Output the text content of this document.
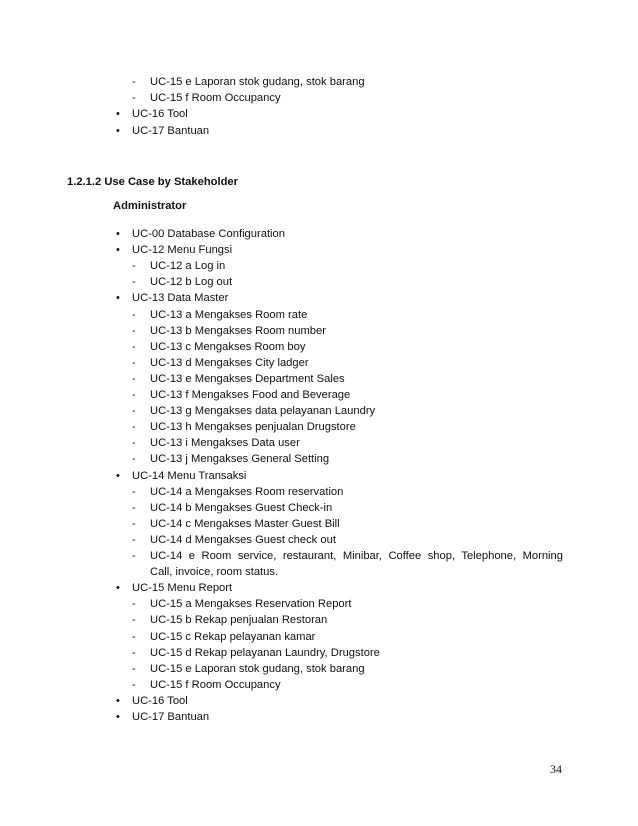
- UC-15 e Laporan stok gudang, stok barang
- UC-15 f Room Occupancy
• UC-16 Tool
• UC-17 Bantuan
1.2.1.2 Use Case by Stakeholder
Administrator
• UC-00 Database Configuration
• UC-12 Menu Fungsi
- UC-12 a Log in
- UC-12 b Log out
• UC-13 Data Master
- UC-13 a Mengakses Room rate
- UC-13 b Mengakses Room number
- UC-13 c Mengakses Room boy
- UC-13 d Mengakses City ladger
- UC-13 e Mengakses Department Sales
- UC-13 f Mengakses Food and Beverage
- UC-13 g Mengakses data pelayanan Laundry
- UC-13 h Mengakses penjualan Drugstore
- UC-13 i Mengakses Data user
- UC-13 j Mengakses General Setting
• UC-14 Menu Transaksi
- UC-14 a Mengakses Room reservation
- UC-14 b Mengakses Guest Check-in
- UC-14 c Mengakses Master Guest Bill
- UC-14 d Mengakses Guest check out
- UC-14 e Room service, restaurant, Minibar, Coffee shop, Telephone, Morning
Call, invoice, room status.
• UC-15 Menu Report
- UC-15 a Mengakses Reservation Report
- UC-15 b Rekap penjualan Restoran
- UC-15 c Rekap pelayanan kamar
- UC-15 d Rekap pelayanan Laundry, Drugstore
- UC-15 e Laporan stok gudang, stok barang
- UC-15 f Room Occupancy
• UC-16 Tool
• UC-17 Bantuan
34
